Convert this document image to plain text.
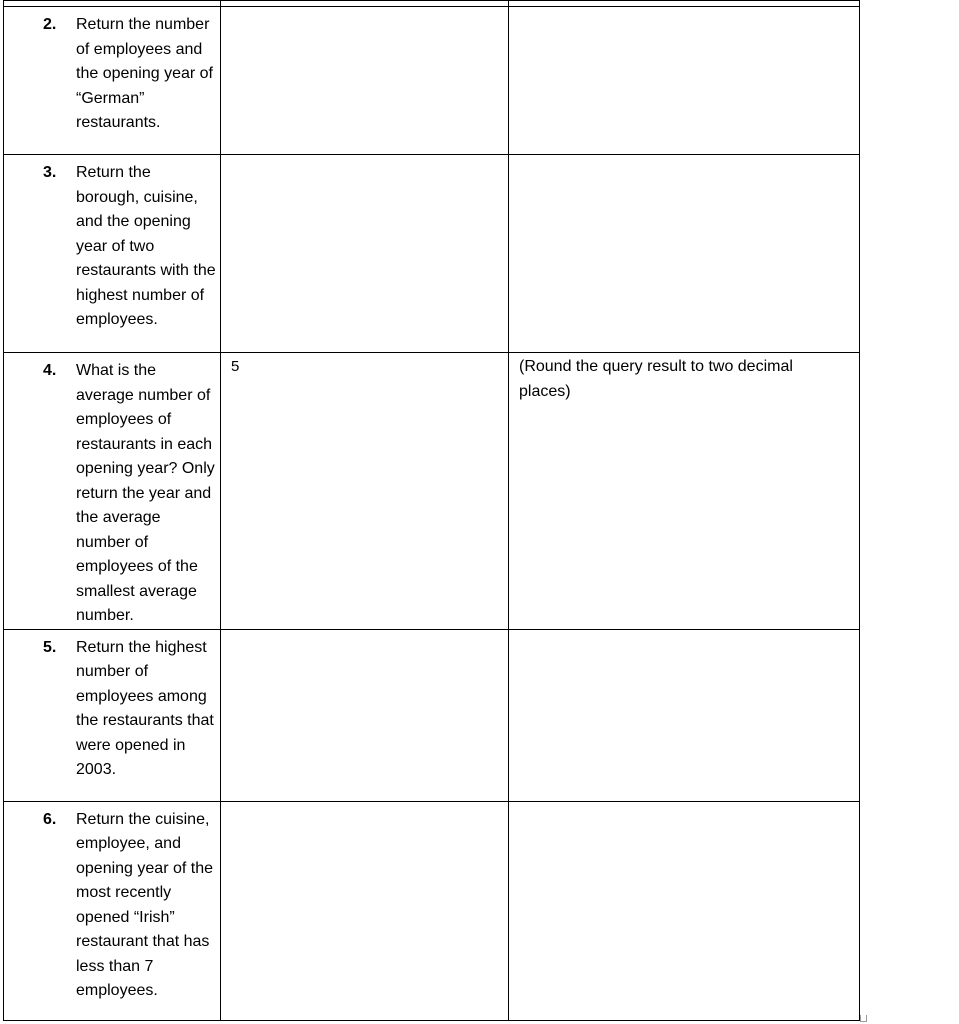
2. Return the number of employees and the opening year of “German” restaurants.		

3. Return the borough, cuisine, and the opening year of two restaurants with the highest number of employees.		

4. What is the average number of employees of restaurants in each opening year? Only return the year and the average number of employees of the smallest average number.	5	(Round the query result to two decimal places)

5. Return the highest number of employees among the restaurants that were opened in 2003.		

6. Return the cuisine, employee, and opening year of the most recently opened “Irish” restaurant that has less than 7 employees.		
